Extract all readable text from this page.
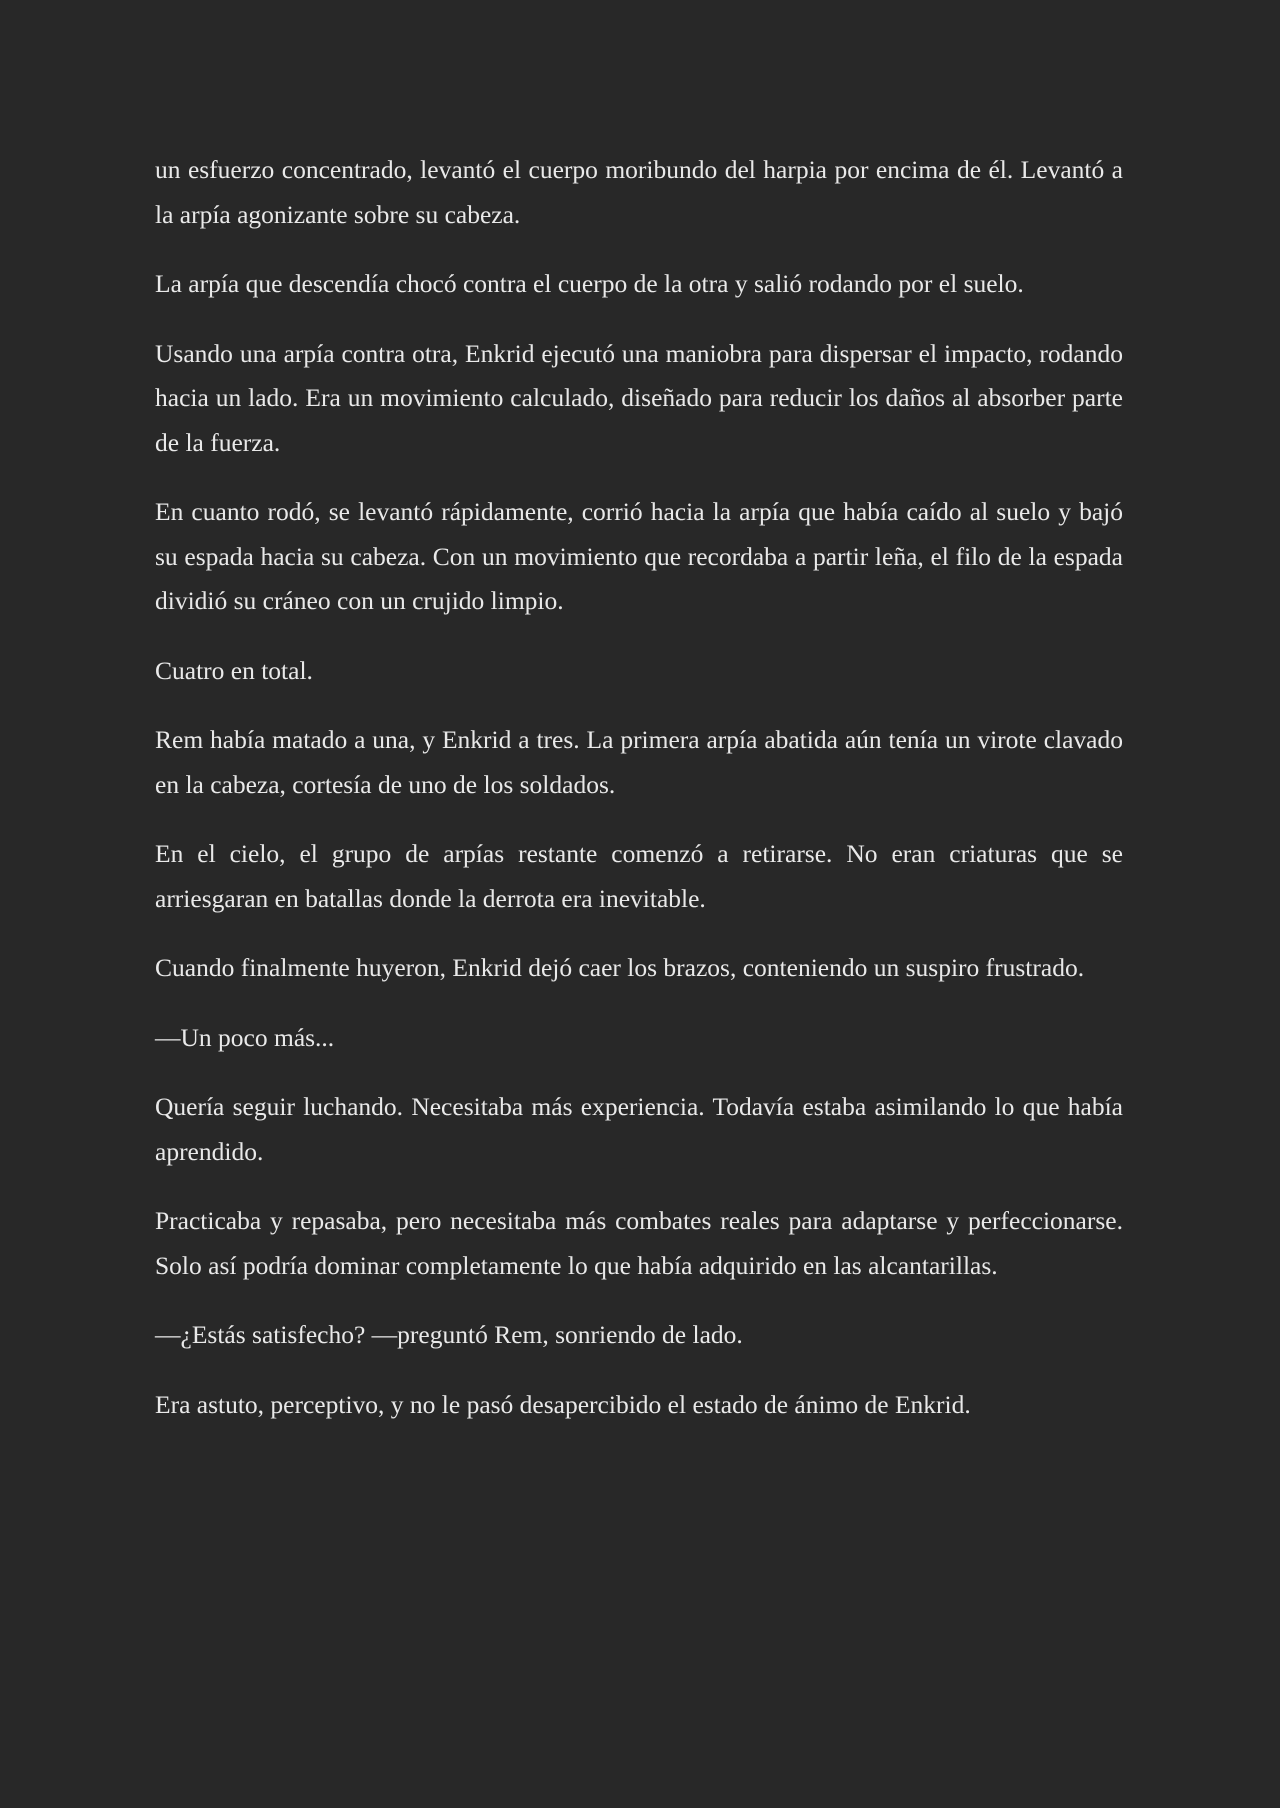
un esfuerzo concentrado, levantó el cuerpo moribundo del harpia por encima de él. Levantó a la arpía agonizante sobre su cabeza.

La arpía que descendía chocó contra el cuerpo de la otra y salió rodando por el suelo.

Usando una arpía contra otra, Enkrid ejecutó una maniobra para dispersar el impacto, rodando hacia un lado. Era un movimiento calculado, diseñado para reducir los daños al absorber parte de la fuerza.

En cuanto rodó, se levantó rápidamente, corrió hacia la arpía que había caído al suelo y bajó su espada hacia su cabeza. Con un movimiento que recordaba a partir leña, el filo de la espada dividió su cráneo con un crujido limpio.

Cuatro en total.

Rem había matado a una, y Enkrid a tres. La primera arpía abatida aún tenía un virote clavado en la cabeza, cortesía de uno de los soldados.

En el cielo, el grupo de arpías restante comenzó a retirarse. No eran criaturas que se arriesgaran en batallas donde la derrota era inevitable.

Cuando finalmente huyeron, Enkrid dejó caer los brazos, conteniendo un suspiro frustrado.

—Un poco más...

Quería seguir luchando. Necesitaba más experiencia. Todavía estaba asimilando lo que había aprendido.

Practicaba y repasaba, pero necesitaba más combates reales para adaptarse y perfeccionarse. Solo así podría dominar completamente lo que había adquirido en las alcantarillas.

—¿Estás satisfecho? —preguntó Rem, sonriendo de lado.

Era astuto, perceptivo, y no le pasó desapercibido el estado de ánimo de Enkrid.
